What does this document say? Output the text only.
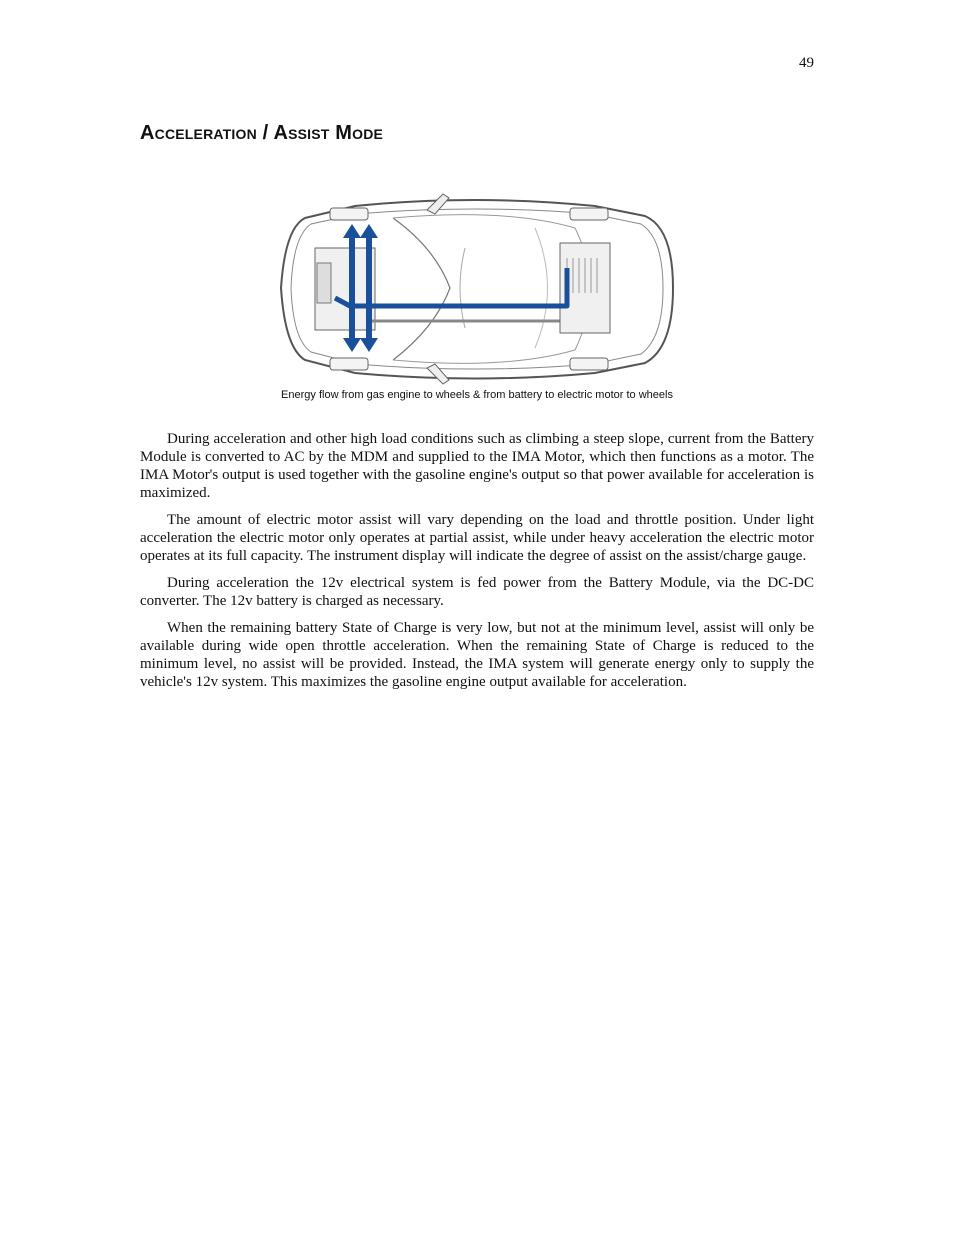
49
Acceleration / Assist Mode
Energy flow from gas engine to wheels & from battery to electric motor to wheels

During acceleration and other high load conditions such as climbing a steep slope, current from the Battery Module is converted to AC by the MDM and supplied to the IMA Motor, which then functions as a motor. The IMA Motor's output is used together with the gasoline engine's output so that power available for acceleration is maximized.

The amount of electric motor assist will vary depending on the load and throttle position. Under light acceleration the electric motor only operates at partial assist, while under heavy acceleration the electric motor operates at its full capacity. The instrument display will indicate the degree of assist on the assist/charge gauge.

During acceleration the 12v electrical system is fed power from the Battery Module, via the DC-DC converter. The 12v battery is charged as necessary.

When the remaining battery State of Charge is very low, but not at the minimum level, assist will only be available during wide open throttle acceleration. When the remaining State of Charge is reduced to the minimum level, no assist will be provided. Instead, the IMA system will generate energy only to supply the vehicle's 12v system. This maximizes the gasoline engine output available for acceleration.
